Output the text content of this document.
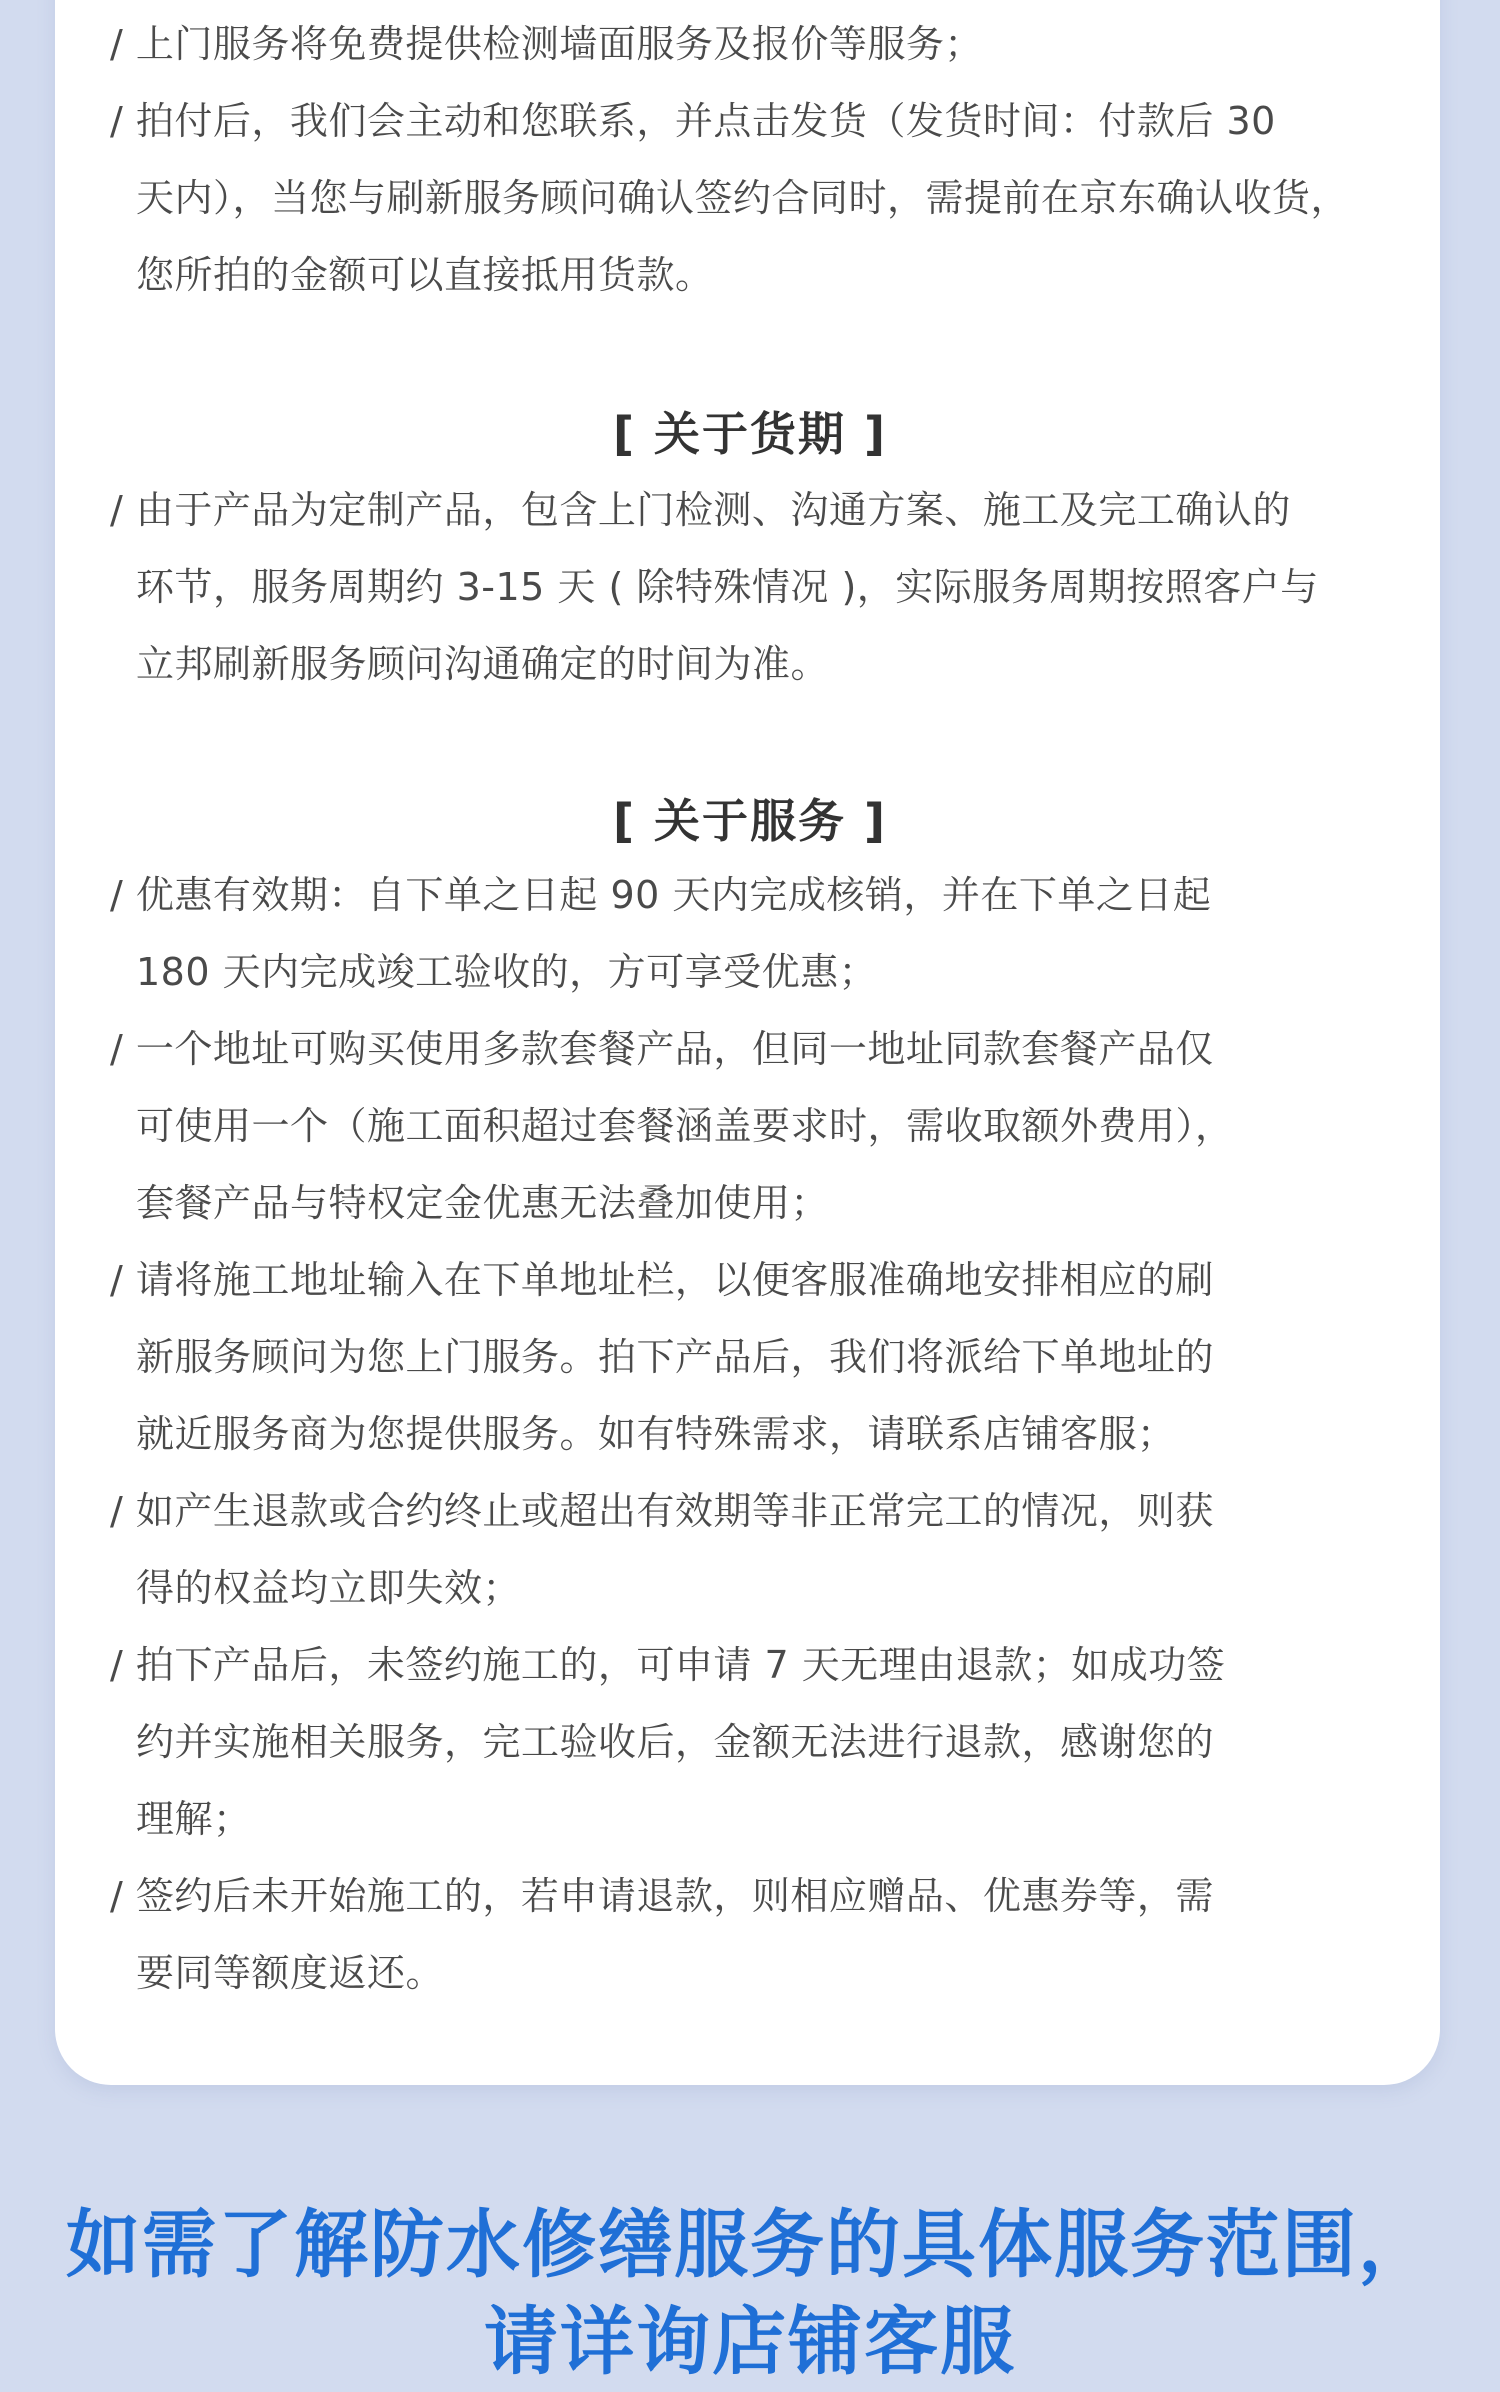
/ 上门服务将免费提供检测墙面服务及报价等服务；
/ 拍付后，我们会主动和您联系，并点击发货（发货时间：付款后 30
天内），当您与刷新服务顾问确认签约合同时，需提前在京东确认收货，
您所拍的金额可以直接抵用货款。
[ 关于货期 ]
/ 由于产品为定制产品，包含上门检测、沟通方案、施工及完工确认的
环节，服务周期约 3-15 天 ( 除特殊情况 )，实际服务周期按照客户与
立邦刷新服务顾问沟通确定的时间为准。
[ 关于服务 ]
/ 优惠有效期：自下单之日起 90 天内完成核销，并在下单之日起
180 天内完成竣工验收的，方可享受优惠；
/ 一个地址可购买使用多款套餐产品，但同一地址同款套餐产品仅
可使用一个（施工面积超过套餐涵盖要求时，需收取额外费用），
套餐产品与特权定金优惠无法叠加使用；
/ 请将施工地址输入在下单地址栏，以便客服准确地安排相应的刷
新服务顾问为您上门服务。拍下产品后，我们将派给下单地址的
就近服务商为您提供服务。如有特殊需求，请联系店铺客服；
/ 如产生退款或合约终止或超出有效期等非正常完工的情况，则获
得的权益均立即失效；
/ 拍下产品后，未签约施工的，可申请 7 天无理由退款；如成功签
约并实施相关服务，完工验收后，金额无法进行退款，感谢您的
理解；
/ 签约后未开始施工的，若申请退款，则相应赠品、优惠券等，需
要同等额度返还。
如需了解防水修缮服务的具体服务范围，
请详询店铺客服
